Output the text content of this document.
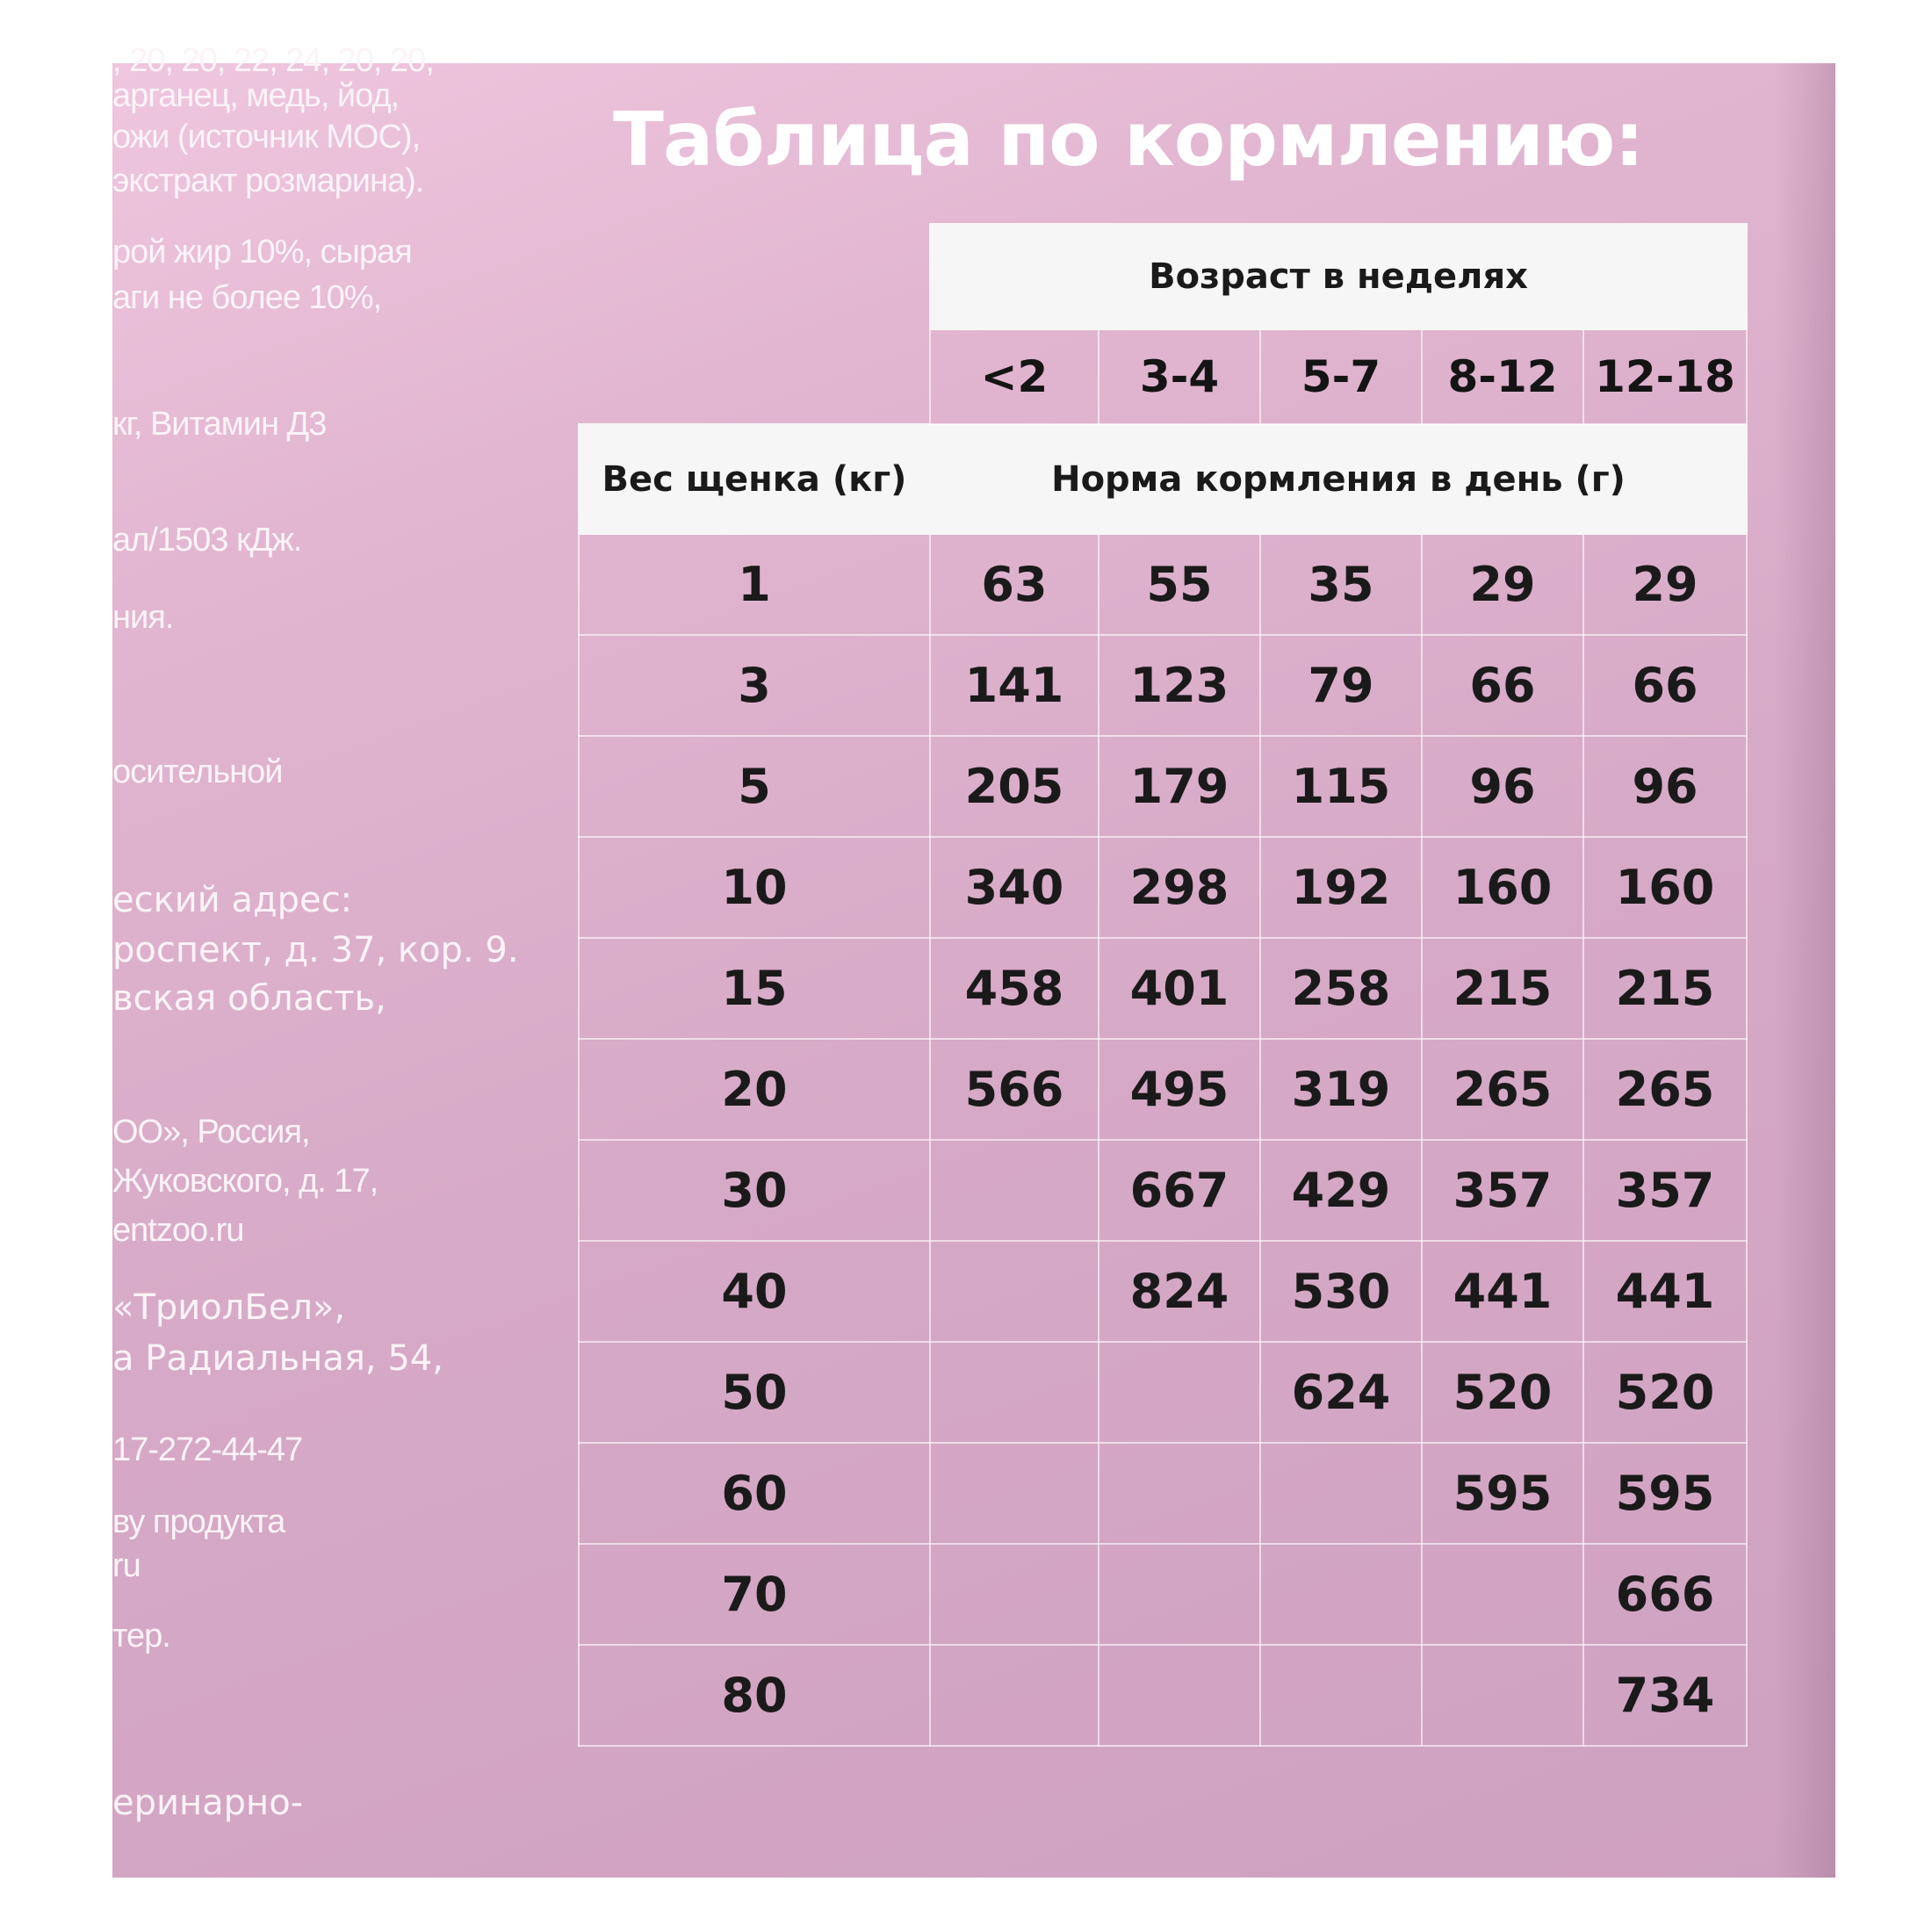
, 20, 20, 22, 24, 20, 20,
арганец, медь, йод,
ожи (источник МОС),
экстракт розмарина).
рой жир 10%, сырая
аги не более 10%,
кг, Витамин Д3
ал/1503 кДж.
ния.
осительной
еский адрес:
роспект, д. 37, кор. 9.
вская область,
ОО», Россия,
Жуковского, д. 17,
entzoo.ru
«ТриолБел»,
а Радиальная, 54,
17-272-44-47
ву продукта
ru
тер.
еринарно-
Таблица по кормлению:
	Возраст в неделях				
	<2	3-4	5-7	8-12	12-18
Вес щенка (кг)	Норма кормления в день (г)				
1	63	55	35	29	29
3	141	123	79	66	66
5	205	179	115	96	96
10	340	298	192	160	160
15	458	401	258	215	215
20	566	495	319	265	265
30		667	429	357	357
40		824	530	441	441
50			624	520	520
60				595	595
70					666
80					734
